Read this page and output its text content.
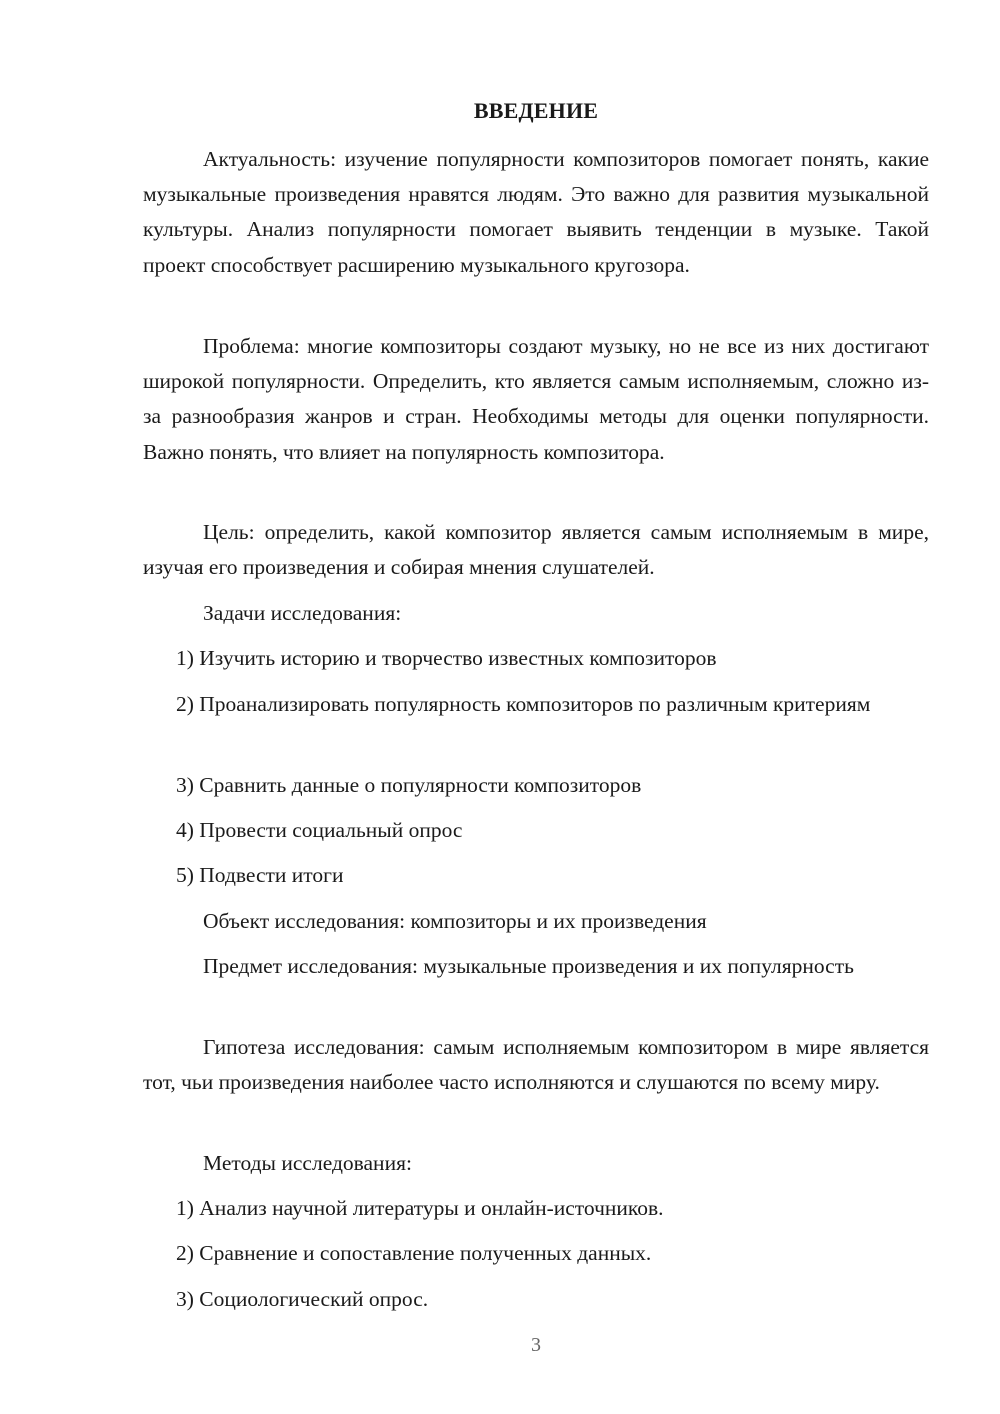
ВВЕДЕНИЕ

Актуальность: изучение популярности композиторов помогает понять, какие музыкальные произведения нравятся людям. Это важно для развития музыкальной культуры. Анализ популярности помогает выявить тенденции в музыке. Такой проект способствует расширению музыкального кругозора.

Проблема: многие композиторы создают музыку, но не все из них достигают широкой популярности. Определить, кто является самым исполняемым, сложно из-за разнообразия жанров и стран. Необходимы методы для оценки популярности. Важно понять, что влияет на популярность композитора.

Цель: определить, какой композитор является самым исполняемым в мире, изучая его произведения и собирая мнения слушателей.

Задачи исследования:

1) Изучить историю и творчество известных композиторов

2) Проанализировать популярность композиторов по различным критериям

3) Сравнить данные о популярности композиторов

4) Провести социальный опрос

5) Подвести итоги

Объект исследования: композиторы и их произведения

Предмет исследования: музыкальные произведения и их популярность

Гипотеза исследования: самым исполняемым композитором в мире является тот, чьи произведения наиболее часто исполняются и слушаются по всему миру.

Методы исследования:

1) Анализ научной литературы и онлайн-источников.

2) Сравнение и сопоставление полученных данных.

3) Социологический опрос.

3
